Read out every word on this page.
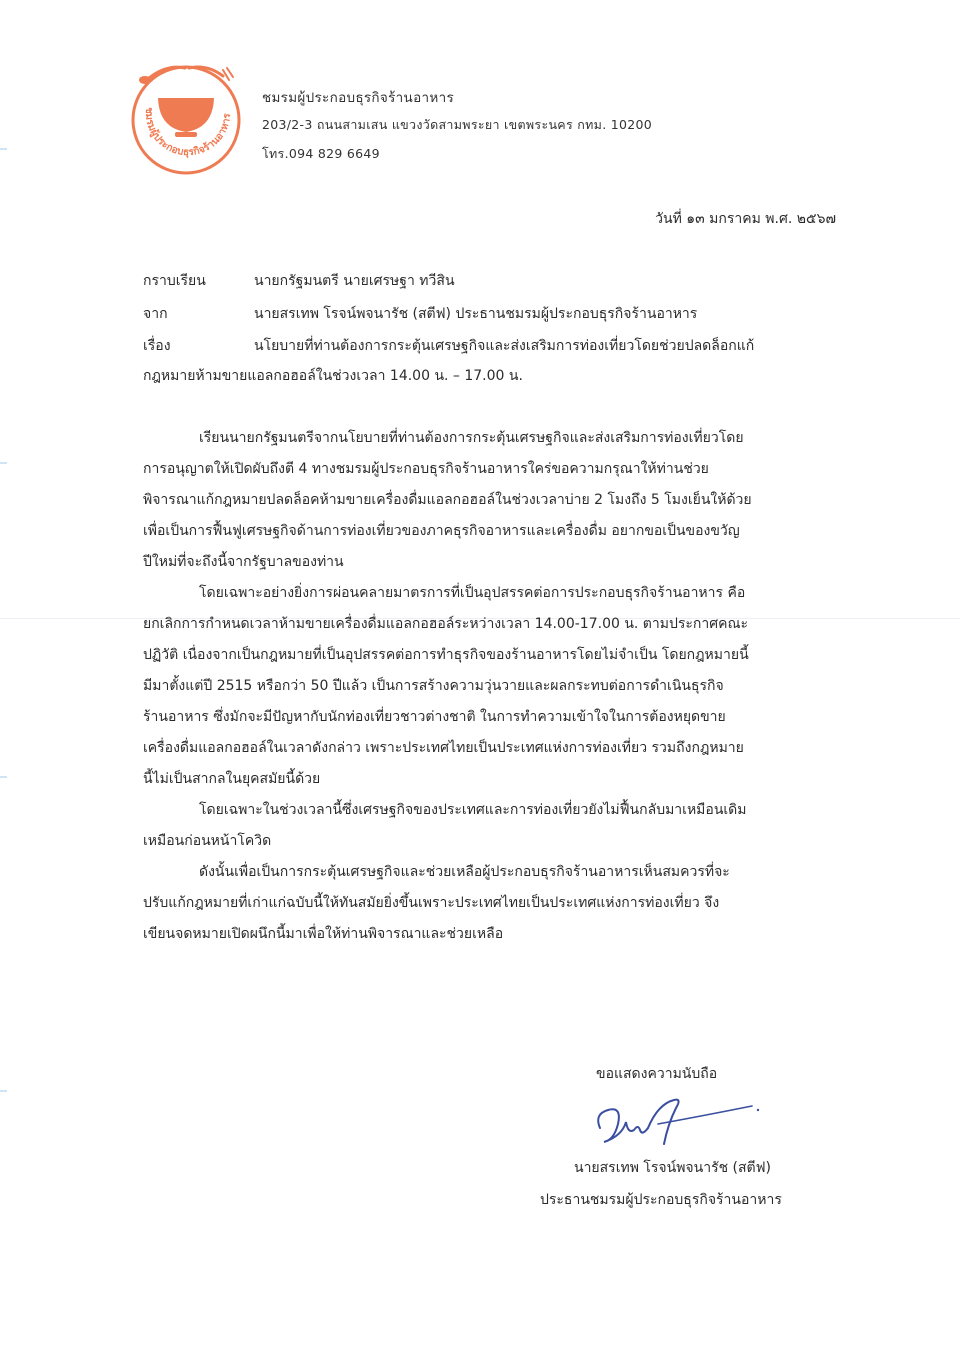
ชมรมผู้ประกอบธุรกิจร้านอาหาร
ชมรมผู้ประกอบธุรกิจร้านอาหาร
203/2-3 ถนนสามเสน แขวงวัดสามพระยา เขตพระนคร กทม. 10200
โทร.094 829 6649
วันที่ ๑๓ มกราคม พ.ศ. ๒๕๖๗
กราบเรียน	นายกรัฐมนตรี นายเศรษฐา ทวีสิน
จาก	นายสรเทพ โรจน์พจนารัช (สตีฟ) ประธานชมรมผู้ประกอบธุรกิจร้านอาหาร
เรื่อง	นโยบายที่ท่านต้องการกระตุ้นเศรษฐกิจและส่งเสริมการท่องเที่ยวโดยช่วยปลดล็อกแก้
กฎหมายห้ามขายแอลกอฮอล์ในช่วงเวลา 14.00 น. – 17.00 น.
เรียนนายกรัฐมนตรีจากนโยบายที่ท่านต้องการกระตุ้นเศรษฐกิจและส่งเสริมการท่องเที่ยวโดย
การอนุญาตให้เปิดผับถึงตี 4 ทางชมรมผู้ประกอบธุรกิจร้านอาหารใคร่ขอความกรุณาให้ท่านช่วย
พิจารณาแก้กฎหมายปลดล็อคห้ามขายเครื่องดื่มแอลกอฮอล์ในช่วงเวลาบ่าย 2 โมงถึง 5 โมงเย็นให้ด้วย
เพื่อเป็นการฟื้นฟูเศรษฐกิจด้านการท่องเที่ยวของภาคธุรกิจอาหารและเครื่องดื่ม อยากขอเป็นของขวัญ
ปีใหม่ที่จะถึงนี้จากรัฐบาลของท่าน
โดยเฉพาะอย่างยิ่งการผ่อนคลายมาตรการที่เป็นอุปสรรคต่อการประกอบธุรกิจร้านอาหาร คือ
ยกเลิกการกำหนดเวลาห้ามขายเครื่องดื่มแอลกอฮอล์ระหว่างเวลา 14.00-17.00 น. ตามประกาศคณะ
ปฏิวัติ เนื่องจากเป็นกฎหมายที่เป็นอุปสรรคต่อการทำธุรกิจของร้านอาหารโดยไม่จำเป็น โดยกฎหมายนี้
มีมาตั้งแต่ปี 2515 หรือกว่า 50 ปีแล้ว เป็นการสร้างความวุ่นวายและผลกระทบต่อการดำเนินธุรกิจ
ร้านอาหาร ซึ่งมักจะมีปัญหากับนักท่องเที่ยวชาวต่างชาติ ในการทำความเข้าใจในการต้องหยุดขาย
เครื่องดื่มแอลกอฮอล์ในเวลาดังกล่าว เพราะประเทศไทยเป็นประเทศแห่งการท่องเที่ยว รวมถึงกฎหมาย
นี้ไม่เป็นสากลในยุคสมัยนี้ด้วย
โดยเฉพาะในช่วงเวลานี้ซึ่งเศรษฐกิจของประเทศและการท่องเที่ยวยังไม่ฟื้นกลับมาเหมือนเดิม
เหมือนก่อนหน้าโควิด
ดังนั้นเพื่อเป็นการกระตุ้นเศรษฐกิจและช่วยเหลือผู้ประกอบธุรกิจร้านอาหารเห็นสมควรที่จะ
ปรับแก้กฎหมายที่เก่าแก่ฉบับนี้ให้ทันสมัยยิ่งขึ้นเพราะประเทศไทยเป็นประเทศแห่งการท่องเที่ยว จึง
เขียนจดหมายเปิดผนึกนี้มาเพื่อให้ท่านพิจารณาและช่วยเหลือ
ขอแสดงความนับถือ
นายสรเทพ โรจน์พจนารัช (สตีฟ)
ประธานชมรมผู้ประกอบธุรกิจร้านอาหาร
